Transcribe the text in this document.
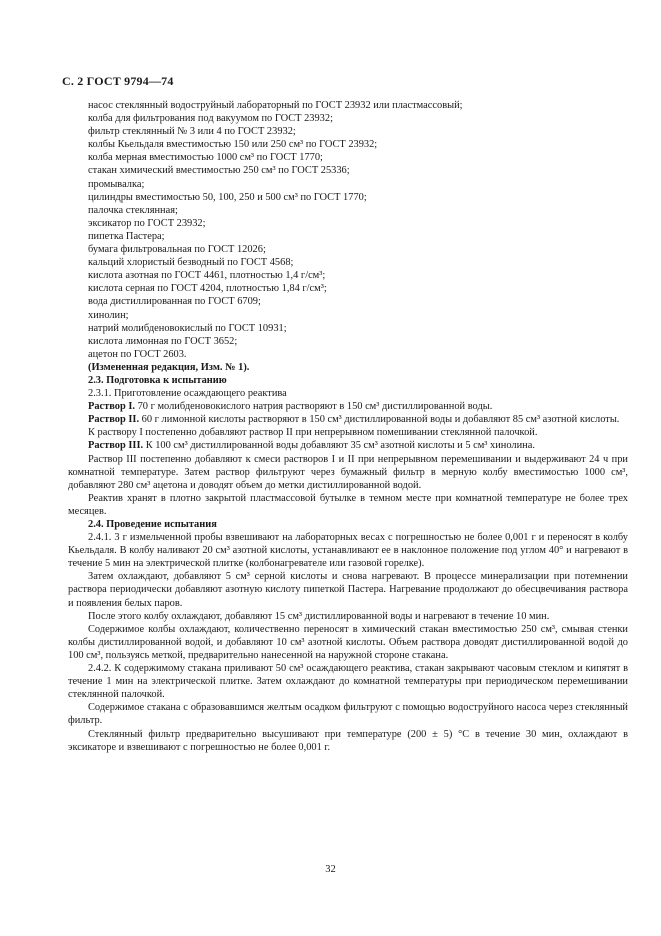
С. 2 ГОСТ 9794—74

насос стеклянный водоструйный лабораторный по ГОСТ 23932 или пластмассовый;

колба для фильтрования под вакуумом по ГОСТ 23932;

фильтр стеклянный № 3 или 4 по ГОСТ 23932;

колбы Кьельдаля вместимостью 150 или 250 см³ по ГОСТ 23932;

колба мерная вместимостью 1000 см³ по ГОСТ 1770;

стакан химический вместимостью 250 см³ по ГОСТ 25336;

промывалка;

цилиндры вместимостью 50, 100, 250 и 500 см³ по ГОСТ 1770;

палочка стеклянная;

эксикатор по ГОСТ 23932;

пипетка Пастера;

бумага фильтровальная по ГОСТ 12026;

кальций хлористый безводный по ГОСТ 4568;

кислота азотная по ГОСТ 4461, плотностью 1,4 г/см³;

кислота серная по ГОСТ 4204, плотностью 1,84 г/см³;

вода дистиллированная по ГОСТ 6709;

хинолин;

натрий молибденовокислый по ГОСТ 10931;

кислота лимонная по ГОСТ 3652;

ацетон по ГОСТ 2603.

(Измененная редакция, Изм. № 1).

2.3. Подготовка к испытанию

2.3.1. Приготовление осаждающего реактива

Раствор I. 70 г молибденовокислого натрия растворяют в 150 см³ дистиллированной воды.

Раствор II. 60 г лимонной кислоты растворяют в 150 см³ дистиллированной воды и добавляют 85 см³ азотной кислоты.

К раствору I постепенно добавляют раствор II при непрерывном помешивании стеклянной палочкой.

Раствор III. К 100 см³ дистиллированной воды добавляют 35 см³ азотной кислоты и 5 см³ хинолина.

Раствор III постепенно добавляют к смеси растворов I и II при непрерывном перемешивании и выдерживают 24 ч при комнатной температуре. Затем раствор фильтруют через бумажный фильтр в мерную колбу вместимостью 1000 см³, добавляют 280 см³ ацетона и доводят объем до метки дистиллированной водой.

Реактив хранят в плотно закрытой пластмассовой бутылке в темном месте при комнатной температуре не более трех месяцев.

2.4. Проведение испытания

2.4.1. 3 г измельченной пробы взвешивают на лабораторных весах с погрешностью не более 0,001 г и переносят в колбу Кьельдаля. В колбу наливают 20 см³ азотной кислоты, устанавливают ее в наклонное положение под углом 40° и нагревают в течение 5 мин на электрической плитке (колбонагревателе или газовой горелке).

Затем охлаждают, добавляют 5 см³ серной кислоты и снова нагревают. В процессе минерализации при потемнении раствора периодически добавляют азотную кислоту пипеткой Пастера. Нагревание продолжают до обесцвечивания раствора и появления белых паров.

После этого колбу охлаждают, добавляют 15 см³ дистиллированной воды и нагревают в течение 10 мин.

Содержимое колбы охлаждают, количественно переносят в химический стакан вместимостью 250 см³, смывая стенки колбы дистиллированной водой, и добавляют 10 см³ азотной кислоты. Объем раствора доводят дистиллированной водой до 100 см³, пользуясь меткой, предварительно нанесенной на наружной стороне стакана.

2.4.2. К содержимому стакана приливают 50 см³ осаждающего реактива, стакан закрывают часовым стеклом и кипятят в течение 1 мин на электрической плитке. Затем охлаждают до комнатной температуры при периодическом перемешивании стеклянной палочкой.

Содержимое стакана с образовавшимся желтым осадком фильтруют с помощью водоструйного насоса через стеклянный фильтр.

Стеклянный фильтр предварительно высушивают при температуре (200 ± 5) °С в течение 30 мин, охлаждают в эксикаторе и взвешивают с погрешностью не более 0,001 г.

32
